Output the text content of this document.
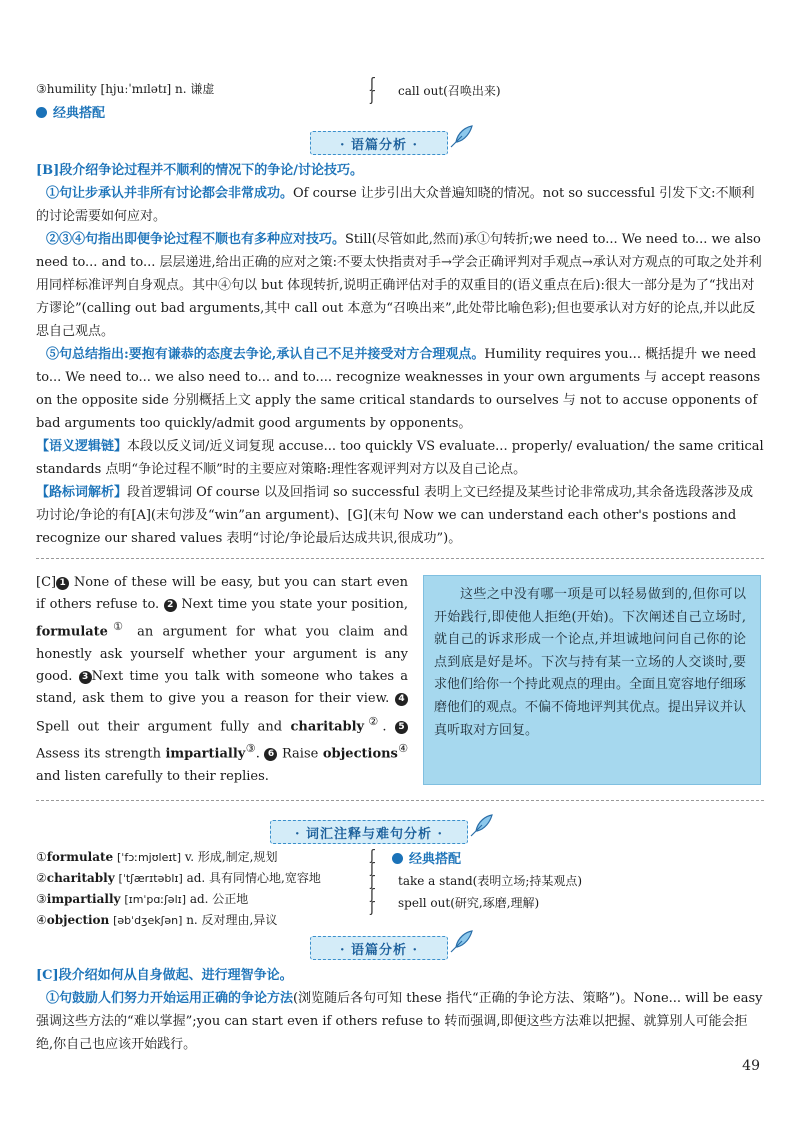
③humility [hjuːˈmɪlətɪ] n. 谦虚	ʃ
ʃ call out(召唤出来)
经典搭配
· 语篇分析 ·
[B]段介绍争论过程并不顺利的情况下的争论/讨论技巧。
①句让步承认并非所有讨论都会非常成功。Of course 让步引出大众普遍知晓的情况。not so successful 引发下文:不顺利的讨论需要如何应对。
②③④句指出即便争论过程不顺也有多种应对技巧。Still(尽管如此,然而)承①句转折;we need to... We need to... we also need to... and to... 层层递进,给出正确的应对之策:不要太快指责对手→学会正确评判对手观点→承认对方观点的可取之处并利用同样标准评判自身观点。其中④句以 but 体现转折,说明正确评估对手的双重目的(语义重点在后):很大一部分是为了“找出对方谬论”(calling out bad arguments,其中 call out 本意为“召唤出来”,此处带比喻色彩);但也要承认对方好的论点,并以此反思自己观点。
⑤句总结指出:要抱有谦恭的态度去争论,承认自己不足并接受对方合理观点。Humility requires you... 概括提升 we need to... We need to... we also need to... and to.... recognize weaknesses in your own arguments 与 accept reasons on the opposite side 分别概括上文 apply the same critical standards to ourselves 与 not to accuse opponents of bad arguments too quickly/admit good arguments by opponents。
【语义逻辑链】本段以反义词/近义词复现 accuse... too quickly VS evaluate... properly/ evaluation/ the same critical standards 点明“争论过程不顺”时的主要应对策略:理性客观评判对方以及自己论点。
【路标词解析】段首逻辑词 Of course 以及回指词 so successful 表明上文已经提及某些讨论非常成功,其余备选段落涉及成功讨论/争论的有[A](末句涉及“win”an argument)、[G](末句 Now we can understand each other's postions and recognize our shared values 表明“讨论/争论最后达成共识,很成功”)。
[C] 1 None of these will be easy, but you can start even if others refuse to. 2 Next time you state your position, formulate① an argument for what you claim and honestly ask yourself whether your argument is any good. 3 Next time you talk with someone who takes a stand, ask them to give you a reason for their view. 4Spell out their argument fully and charitably②. 5 Assess its strength impartially③. 6 Raise objections④ and listen carefully to their replies.
这些之中没有哪一项是可以轻易做到的,但你可以开始践行,即使他人拒绝(开始)。下次阐述自己立场时,就自己的诉求形成一个论点,并坦诚地问问自己你的论点到底是好是坏。下次与持有某一立场的人交谈时,要求他们给你一个持此观点的理由。全面且宽容地仔细琢磨他们的观点。不偏不倚地评判其优点。提出异议并认真听取对方回复。
· 词汇注释与难句分析 ·
①formulate [ˈfɔːmjʊleɪt] v. 形成,制定,规划
②charitably [ˈtʃærɪtəblɪ] ad. 具有同情心地,宽容地
③impartially [ɪmˈpɑːʃəlɪ] ad. 公正地
④objection [əbˈdʒekʃən] n. 反对理由,异议
ʃ
ʃ
ʃ
ʃ
ʃ
经典搭配
take a stand(表明立场;持某观点)
spell out(研究,琢磨,理解)
· 语篇分析 ·
[C]段介绍如何从自身做起、进行理智争论。
①句鼓励人们努力开始运用正确的争论方法(浏览随后各句可知 these 指代“正确的争论方法、策略”)。None... will be easy 强调这些方法的“难以掌握”;you can start even if others refuse to 转而强调,即便这些方法难以把握、就算别人可能会拒绝,你自己也应该开始践行。
49
